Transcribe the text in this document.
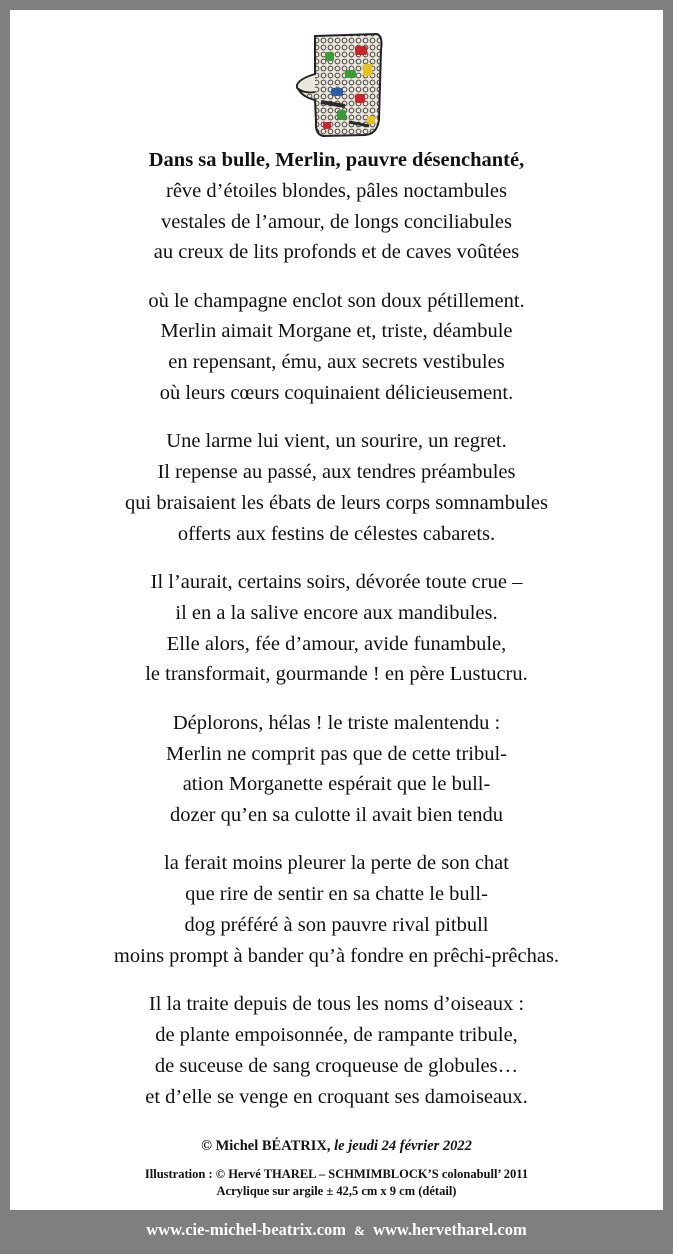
Dans sa bulle, Merlin, pauvre désenchanté,
rêve d’étoiles blondes, pâles noctambules
vestales de l’amour, de longs conciliabules
au creux de lits profonds et de caves voûtées
où le champagne enclot son doux pétillement.
Merlin aimait Morgane et, triste, déambule
en repensant, ému, aux secrets vestibules
où leurs cœurs coquinaient délicieusement.
Une larme lui vient, un sourire, un regret.
Il repense au passé, aux tendres préambules
qui braisaient les ébats de leurs corps somnambules
offerts aux festins de célestes cabarets.
Il l’aurait, certains soirs, dévorée toute crue –
il en a la salive encore aux mandibules.
Elle alors, fée d’amour, avide funambule,
le transformait, gourmande ! en père Lustucru.
Déplorons, hélas ! le triste malentendu :
Merlin ne comprit pas que de cette tribul-
ation Morganette espérait que le bull-
dozer qu’en sa culotte il avait bien tendu
la ferait moins pleurer la perte de son chat
que rire de sentir en sa chatte le bull-
dog préféré à son pauvre rival pitbull
moins prompt à bander qu’à fondre en prêchi-prêchas.
Il la traite depuis de tous les noms d’oiseaux :
de plante empoisonnée, de rampante tribule,
de suceuse de sang croqueuse de globules…
et d’elle se venge en croquant ses damoiseaux.
© Michel BÉATRIX, le jeudi 24 février 2022
Illustration : © Hervé THAREL – SCHMIMBLOCK’S colonabull’ 2011
Acrylique sur argile ± 42,5 cm x 9 cm (détail)
www.cie-michel-beatrix.com & www.hervetharel.com
